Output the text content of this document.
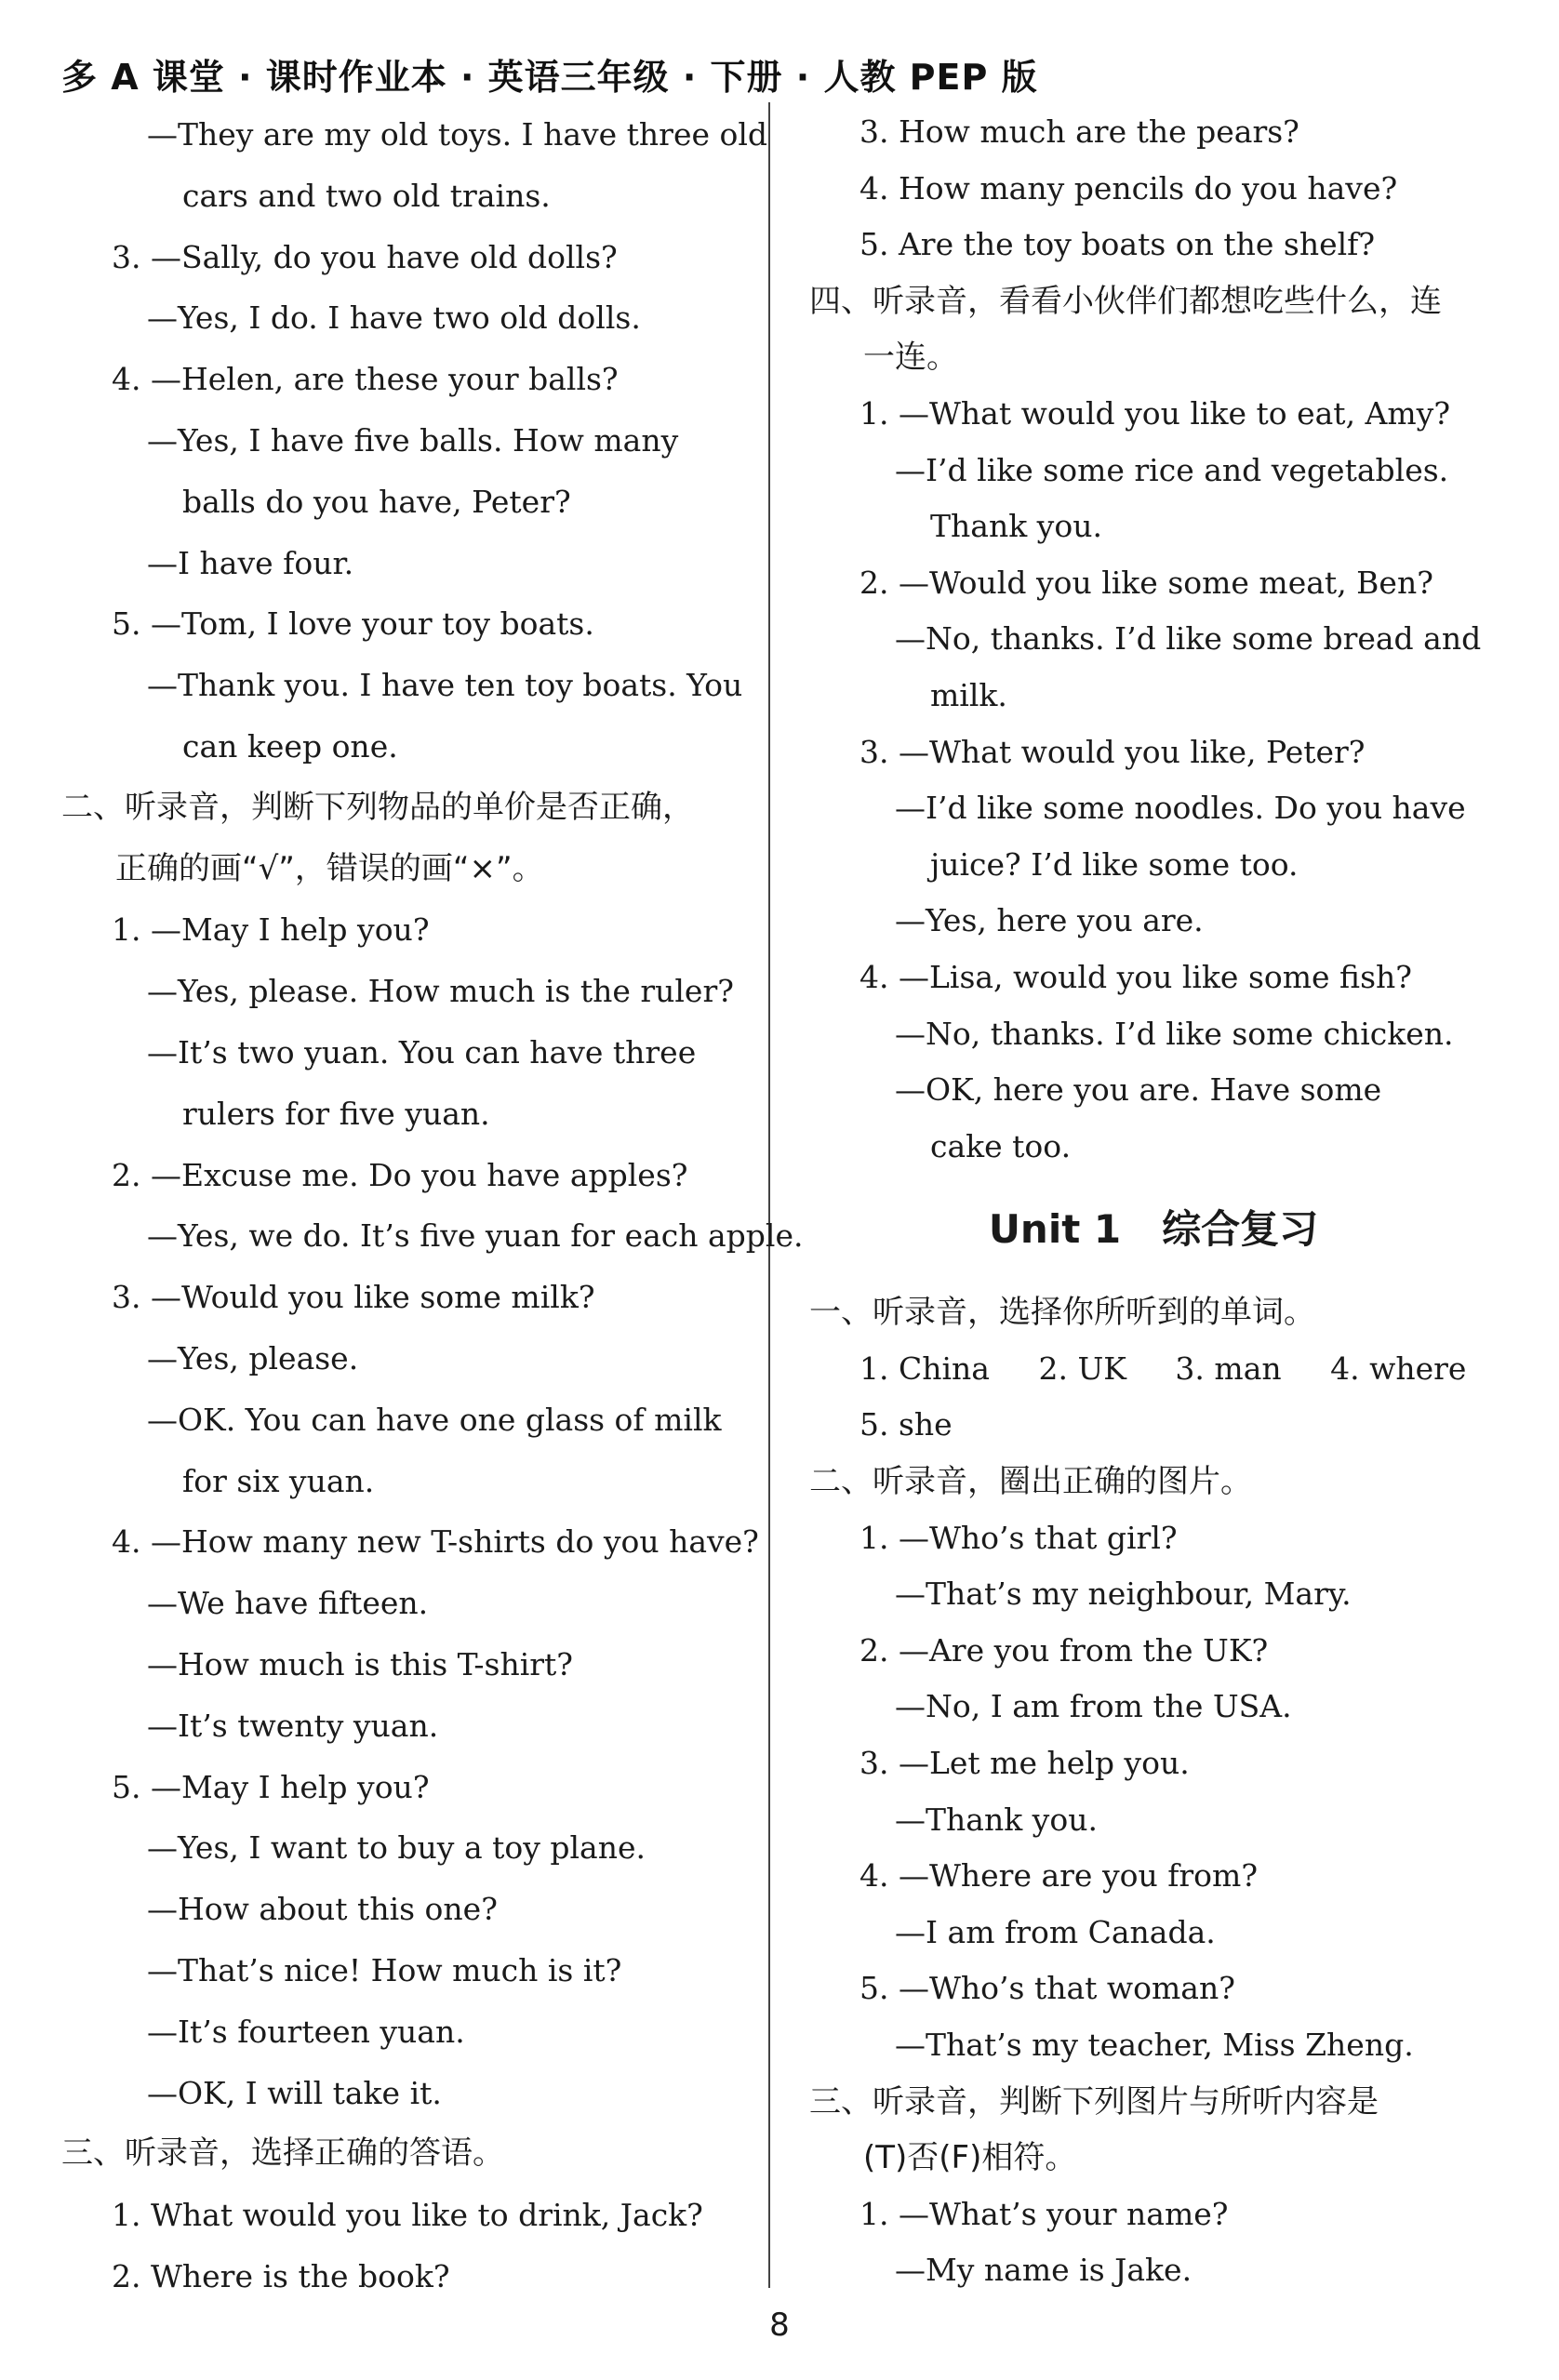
多 A 课堂 · 课时作业本 · 英语三年级 · 下册 · 人教 PEP 版
—They are my old toys. I have three old
cars and two old trains.
3. —Sally, do you have old dolls?
—Yes, I do. I have two old dolls.
4. —Helen, are these your balls?
—Yes, I have five balls. How many
balls do you have, Peter?
—I have four.
5. —Tom, I love your toy boats.
—Thank you. I have ten toy boats. You
can keep one.
二、听录音，判断下列物品的单价是否正确，
正确的画“√”，错误的画“×”。
1. —May I help you?
—Yes, please. How much is the ruler?
—It’s two yuan. You can have three
rulers for five yuan.
2. —Excuse me. Do you have apples?
—Yes, we do. It’s five yuan for each apple.
3. —Would you like some milk?
—Yes, please.
—OK. You can have one glass of milk
for six yuan.
4. —How many new T-shirts do you have?
—We have fifteen.
—How much is this T-shirt?
—It’s twenty yuan.
5. —May I help you?
—Yes, I want to buy a toy plane.
—How about this one?
—That’s nice! How much is it?
—It’s fourteen yuan.
—OK, I will take it.
三、听录音，选择正确的答语。
1. What would you like to drink, Jack?
2. Where is the book?
3. How much are the pears?
4. How many pencils do you have?
5. Are the toy boats on the shelf?
四、听录音，看看小伙伴们都想吃些什么，连
一连。
1. —What would you like to eat, Amy?
—I’d like some rice and vegetables.
Thank you.
2. —Would you like some meat, Ben?
—No, thanks. I’d like some bread and
milk.
3. —What would you like, Peter?
—I’d like some noodles. Do you have
juice? I’d like some too.
—Yes, here you are.
4. —Lisa, would you like some fish?
—No, thanks. I’d like some chicken.
—OK, here you are. Have some
cake too.
Unit 1 综合复习
一、听录音，选择你所听到的单词。
1. China 2. UK 3. man 4. where
5. she
二、听录音，圈出正确的图片。
1. —Who’s that girl?
—That’s my neighbour, Mary.
2. —Are you from the UK?
—No, I am from the USA.
3. —Let me help you.
—Thank you.
4. —Where are you from?
—I am from Canada.
5. —Who’s that woman?
—That’s my teacher, Miss Zheng.
三、听录音，判断下列图片与所听内容是
(T)否(F)相符。
1. —What’s your name?
—My name is Jake.
8
